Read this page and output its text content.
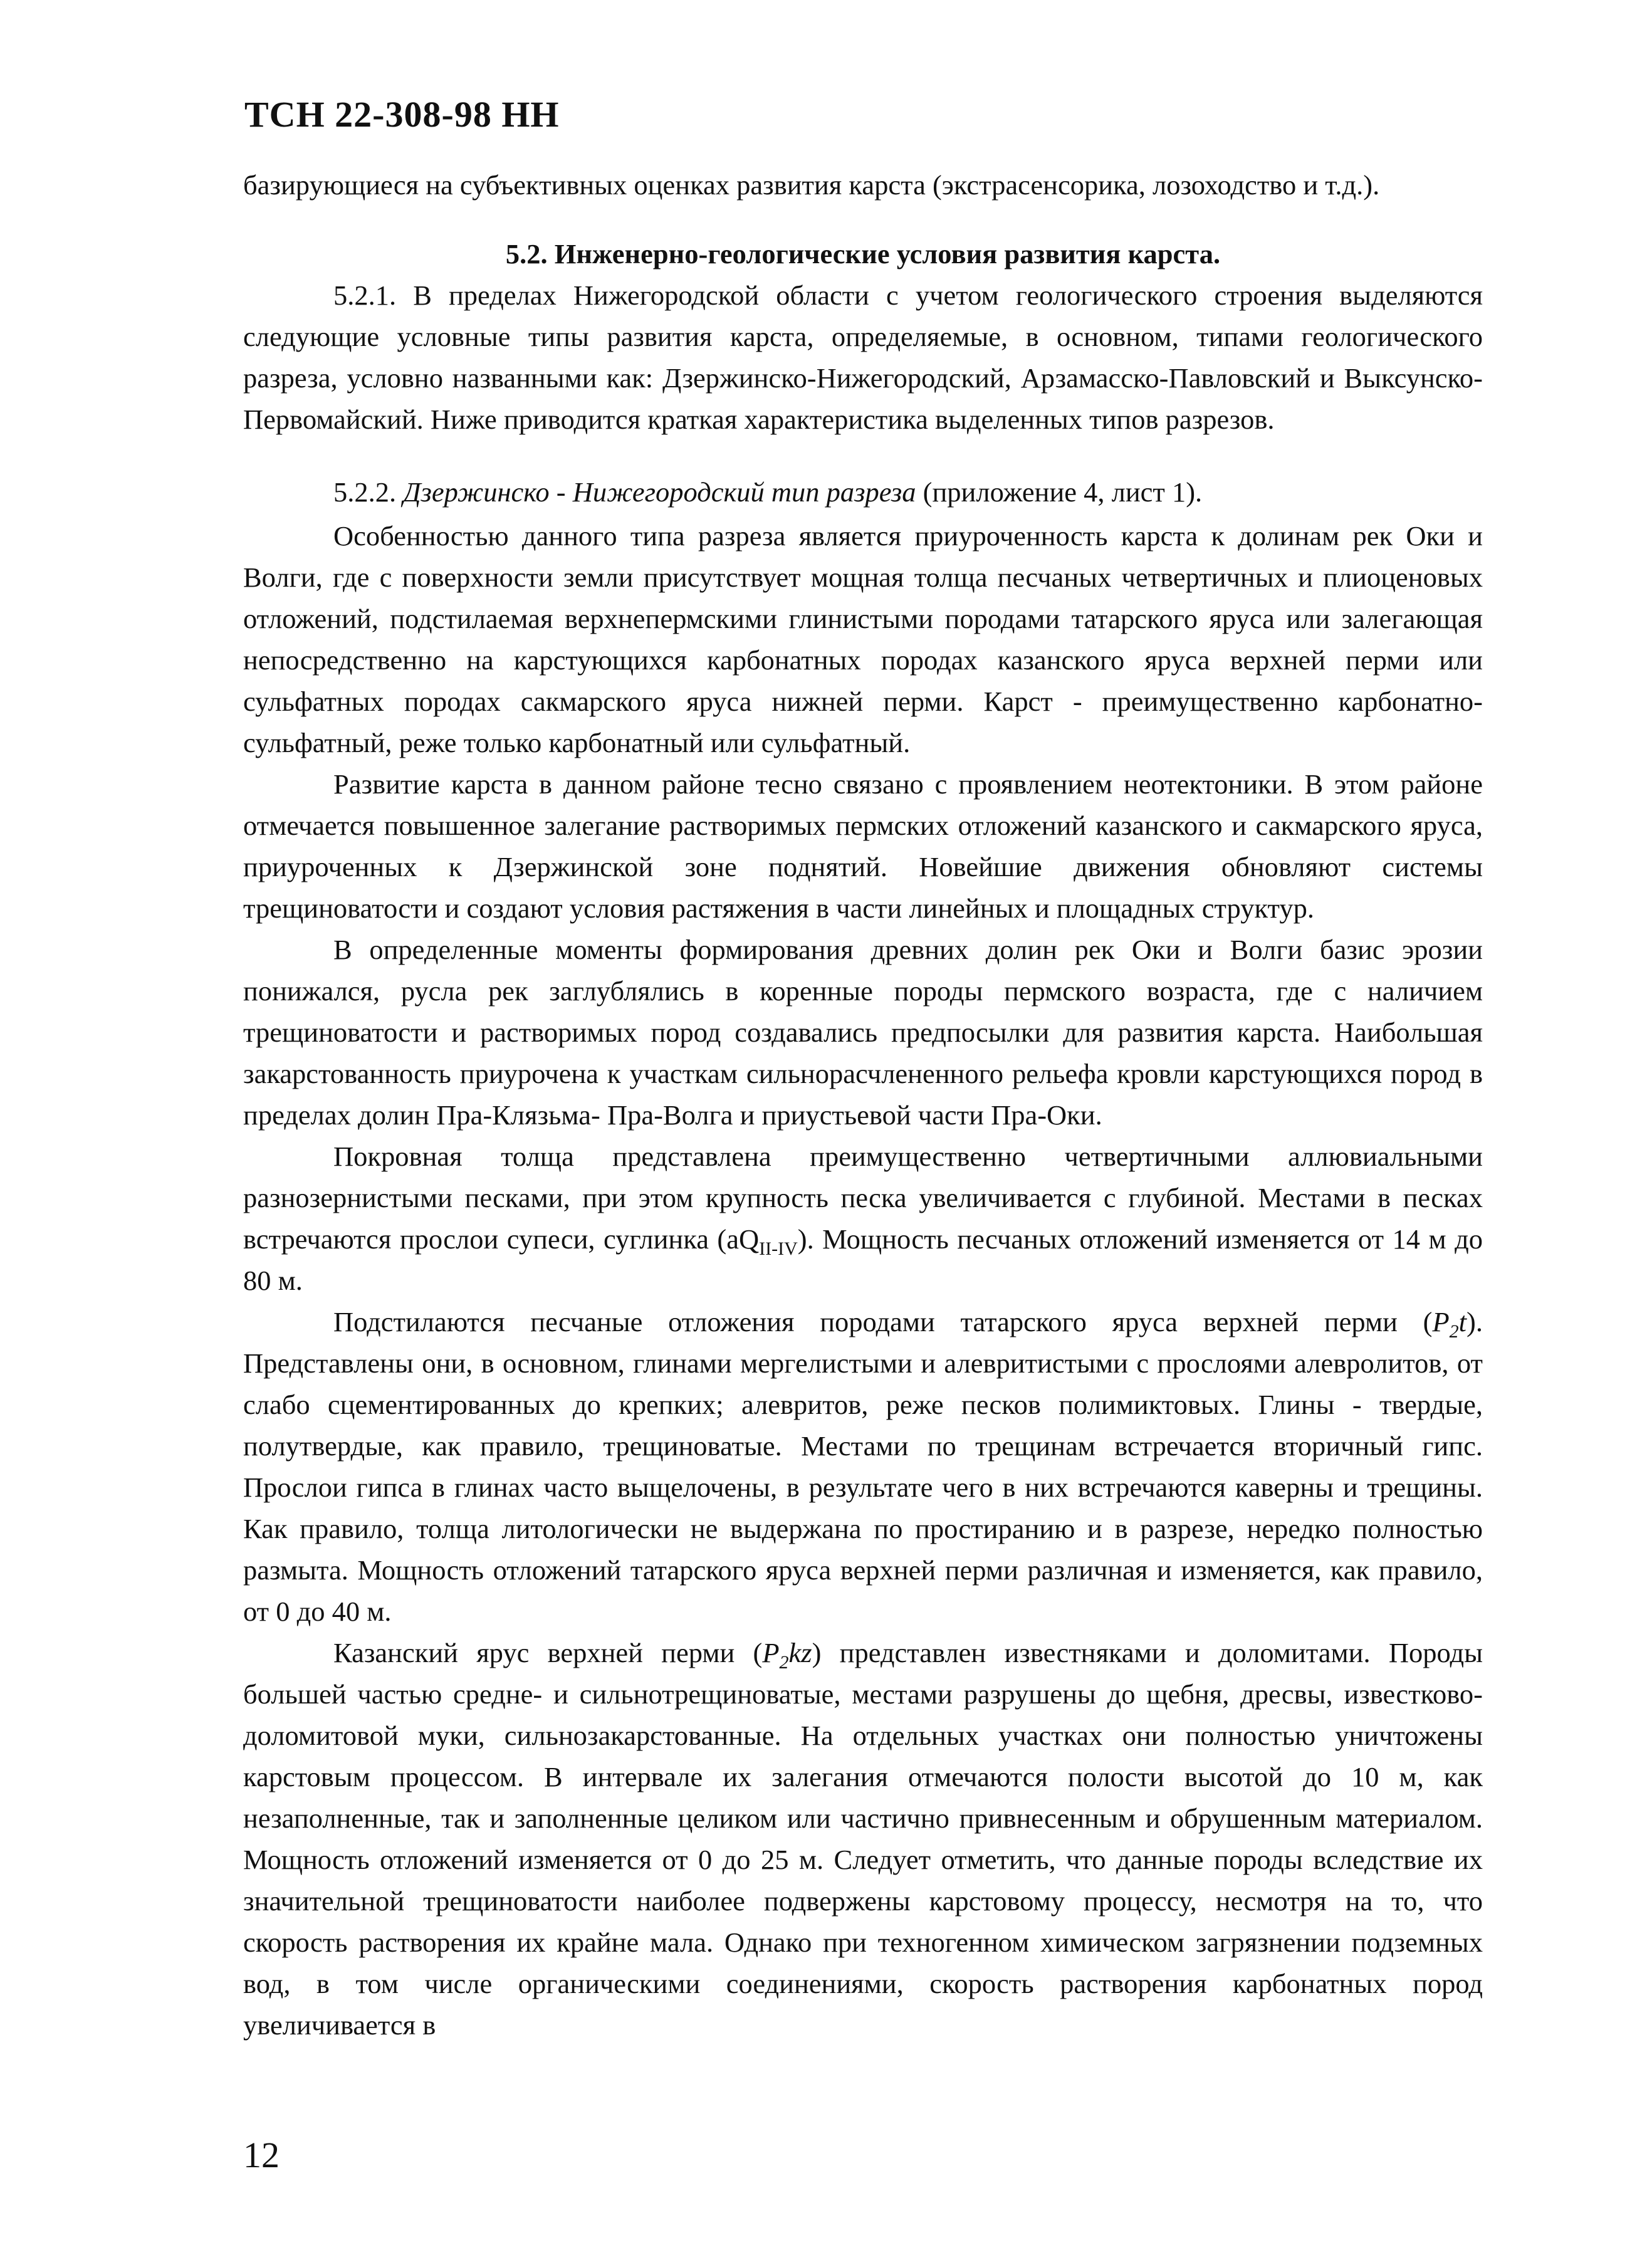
ТСН 22-308-98 НН

базирующиеся на субъективных оценках развития карста (экстрасенсорика, лозоходство и т.д.).

5.2. Инженерно-геологические условия развития карста.

5.2.1. В пределах Нижегородской области с учетом геологического строения выделяются следующие условные типы развития карста, определяемые, в основном, типами геологического разреза, условно названными как: Дзержинско-Нижегородский, Арзамасско-Павловский и Выксунско-Первомайский. Ниже приводится краткая характеристика выделенных типов разрезов.

5.2.2. Дзержинско - Нижегородский тип разреза (приложение 4, лист 1).

Особенностью данного типа разреза является приуроченность карста к долинам рек Оки и Волги, где с поверхности земли присутствует мощная толща песчаных четвертичных и плиоценовых отложений, подстилаемая верхнепермскими глинистыми породами татарского яруса или залегающая непосредственно на карстующихся карбонатных породах казанского яруса верхней перми или сульфатных породах сакмарского яруса нижней перми. Карст - преимущественно карбонатно-сульфатный, реже только карбонатный или сульфатный.

Развитие карста в данном районе тесно связано с проявлением неотектоники. В этом районе отмечается повышенное залегание растворимых пермских отложений казанского и сакмарского яруса, приуроченных к Дзержинской зоне поднятий. Новейшие движения обновляют системы трещиноватости и создают условия растяжения в части линейных и площадных структур.

В определенные моменты формирования древних долин рек Оки и Волги базис эрозии понижался, русла рек заглублялись в коренные породы пермского возраста, где с наличием трещиноватости и растворимых пород создавались предпосылки для развития карста. Наибольшая закарстованность приурочена к участкам сильнорасчлененного рельефа кровли карстующихся пород в пределах долин Пра-Клязьма- Пра-Волга и приустьевой части Пра-Оки.

Покровная толща представлена преимущественно четвертичными аллювиальными разнозернистыми песками, при этом крупность песка увеличивается с глубиной. Местами в песках встречаются прослои супеси, суглинка $(aQ_{II-IV})$. Мощность песчаных отложений изменяется от 14 м до 80 м.

Подстилаются песчаные отложения породами татарского яруса верхней перми $(P_2t)$. Представлены они, в основном, глинами мергелистыми и алевритистыми с прослоями алевролитов, от слабо сцементированных до крепких; алевритов, реже песков полимиктовых. Глины - твердые, полутвердые, как правило, трещиноватые. Местами по трещинам встречается вторичный гипс. Прослои гипса в глинах часто выщелочены, в результате чего в них встречаются каверны и трещины. Как правило, толща литологически не выдержана по простиранию и в разрезе, нередко полностью размыта. Мощность отложений татарского яруса верхней перми различная и изменяется, как правило, от 0 до 40 м.

Казанский ярус верхней перми $(P_2kz)$ представлен известняками и доломитами. Породы большей частью средне- и сильнотрещиноватые, местами разрушены до щебня, дресвы, известково-доломитовой муки, сильнозакарстованные. На отдельных участках они полностью уничтожены карстовым процессом. В интервале их залегания отмечаются полости высотой до 10 м, как незаполненные, так и заполненные целиком или частично привнесенным и обрушенным материалом. Мощность отложений изменяется от 0 до 25 м. Следует отметить, что данные породы вследствие их значительной трещиноватости наиболее подвержены карстовому процессу, несмотря на то, что скорость растворения их крайне мала. Однако при техногенном химическом загрязнении подземных вод, в том числе органическими соединениями, скорость растворения карбонатных пород увеличивается в

12
